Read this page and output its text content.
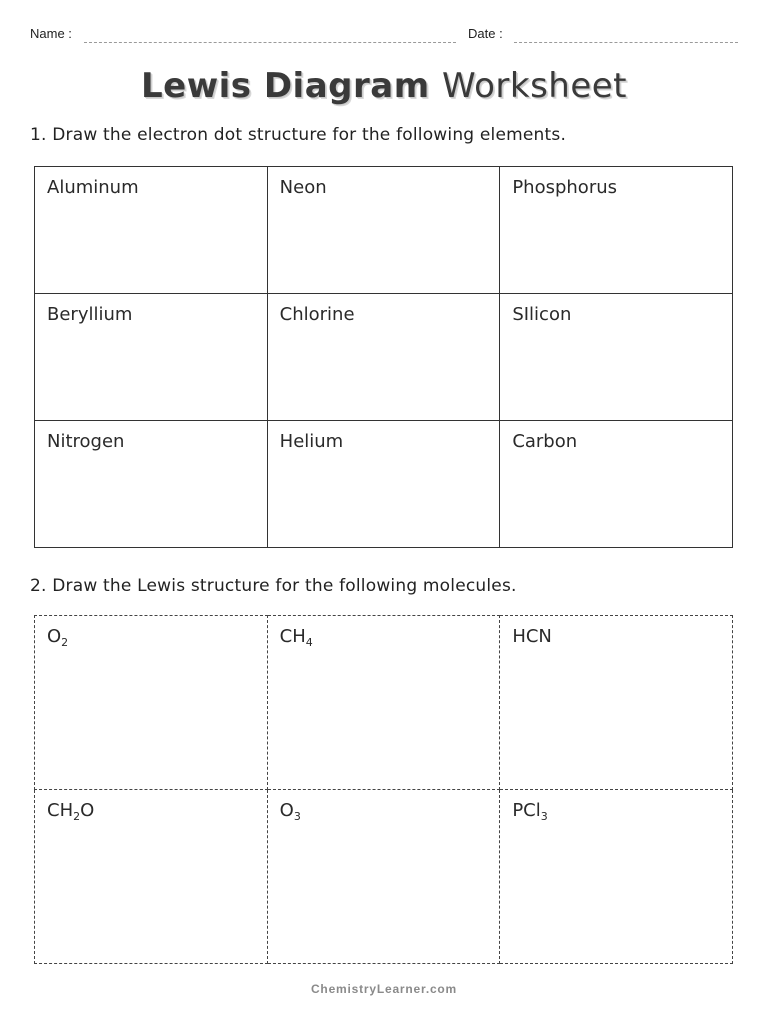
Name :	Date :
Lewis Diagram Worksheet

1. Draw the electron dot structure for the following elements.

Aluminum	Neon	Phosphorus
Beryllium	Chlorine	SIlicon
Nitrogen	Helium	Carbon

2. Draw the Lewis structure for the following molecules.

$O_2$	$CH_4$	HCN
$CH_2O$	$O_3$	PCl$_3$
ChemistryLearner.com
